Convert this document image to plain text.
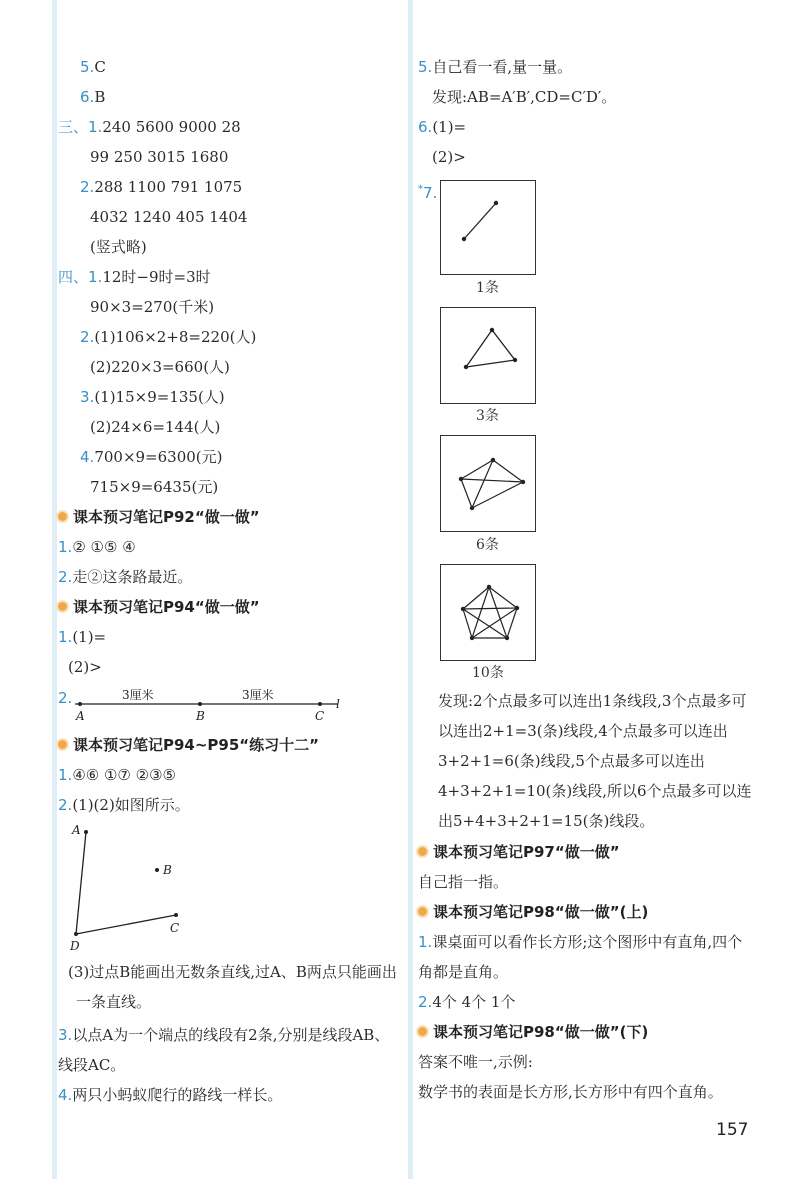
5.C
6.B
三、1.240 5600 9000 28
99 250 3015 1680
2.288 1100 791 1075
4032 1240 405 1404
(竖式略)
四、1.12时−9时=3时
90×3=270(千米)
2.(1)106×2+8=220(人)
(2)220×3=660(人)
3.(1)15×9=135(人)
(2)24×6=144(人)
4.700×9=6300(元)
715×9=6435(元)
课本预习笔记P92“做一做”
1.② ①⑤ ④
2.走②这条路最近。
课本预习笔记P94“做一做”
1.(1)=
(2)>
2.	3厘米	3厘米
A	B	C
l
课本预习笔记P94~P95“练习十二”
1.④⑥ ①⑦ ②③⑤
2.(1)(2)如图所示。
A
B
C
D
(3)过点B能画出无数条直线,过A、B两点只能画出一条直线。
3.以点A为一个端点的线段有2条,分别是线段AB、线段AC。
4.两只小蚂蚁爬行的路线一样长。
5.自己看一看,量一量。
发现:AB=A′B′,CD=C′D′。
6.(1)=
(2)>
*7.
1条
3条
6条
10条
发现:2个点最多可以连出1条线段,3个点最多可以连出2+1=3(条)线段,4个点最多可以连出3+2+1=6(条)线段,5个点最多可以连出4+3+2+1=10(条)线段,所以6个点最多可以连出5+4+3+2+1=15(条)线段。
课本预习笔记P97“做一做”
自己指一指。
课本预习笔记P98“做一做”(上)
1.课桌面可以看作长方形;这个图形中有直角,四个角都是直角。
2.4个 4个 1个
课本预习笔记P98“做一做”(下)
答案不唯一,示例:
数学书的表面是长方形,长方形中有四个直角。
157
